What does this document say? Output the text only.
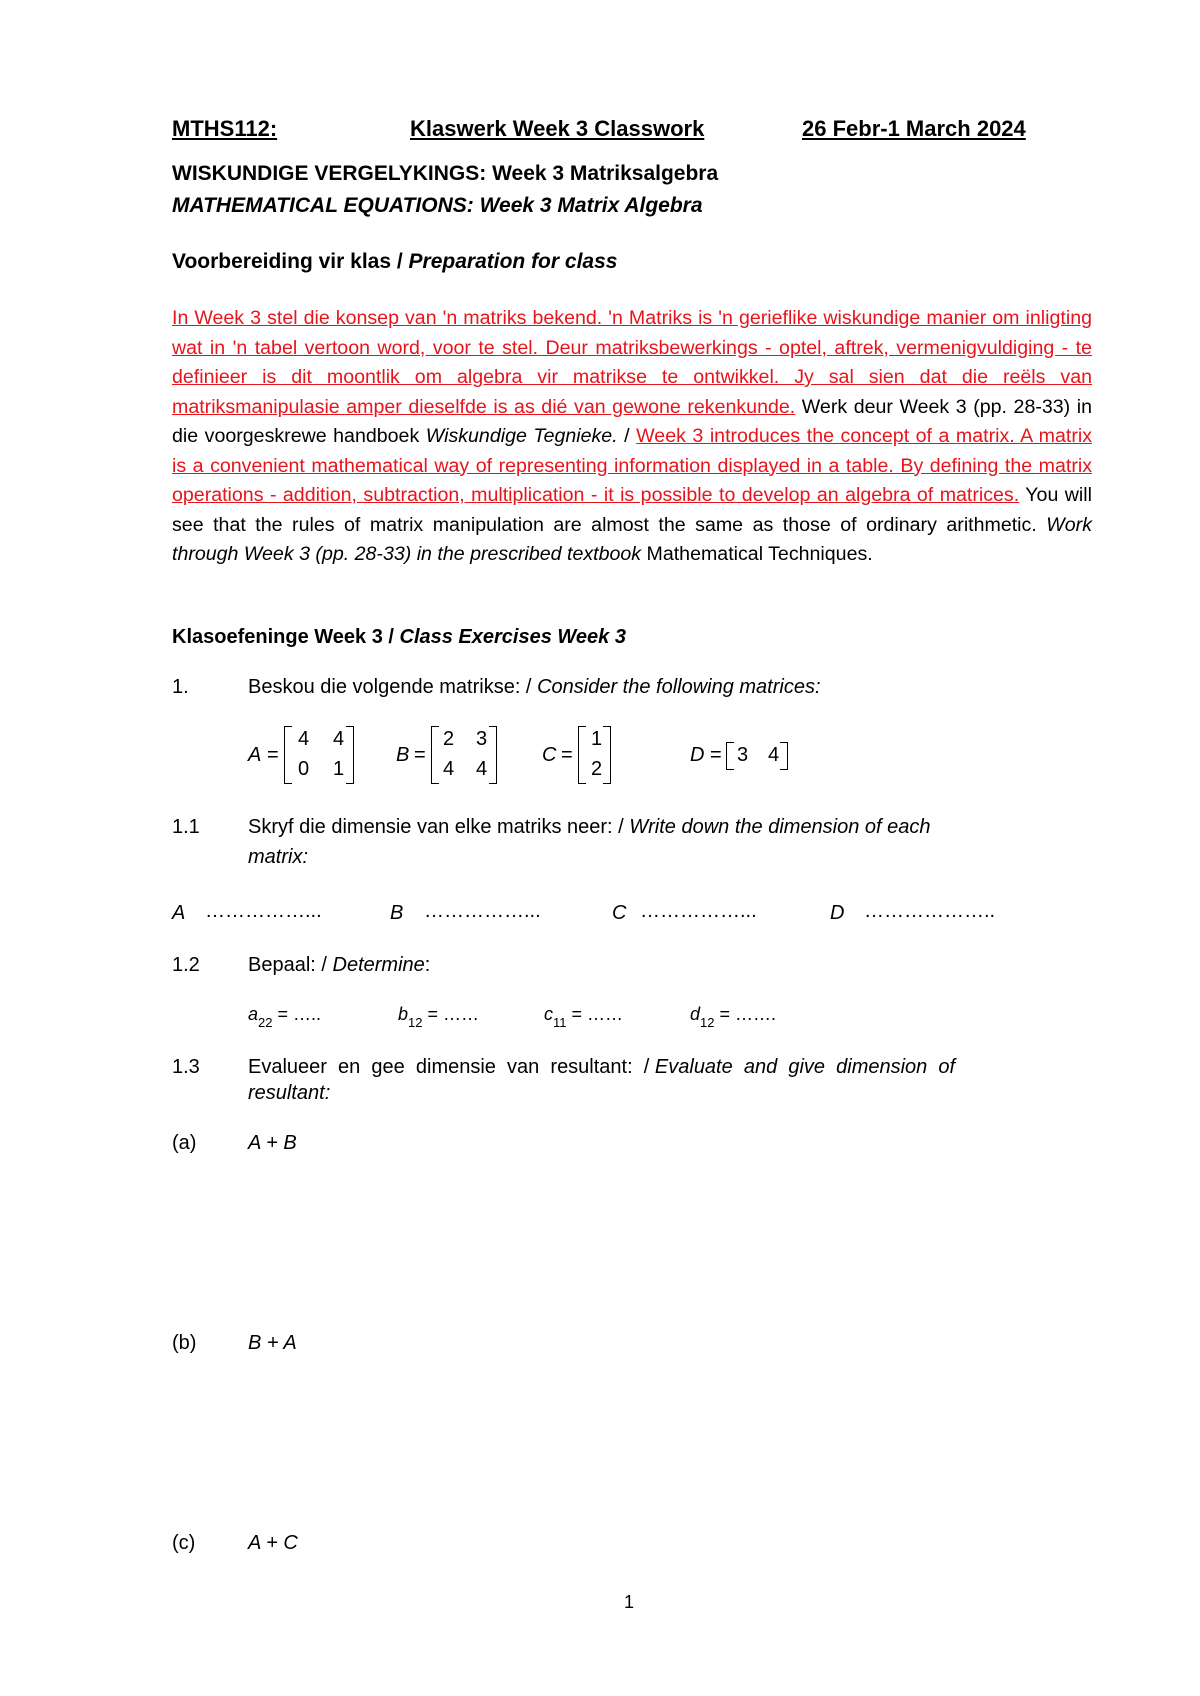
MTHS112:	Klaswerk Week 3 Classwork	26 Febr-1 March 2024
WISKUNDIGE VERGELYKINGS: Week 3 Matriksalgebra
MATHEMATICAL EQUATIONS: Week 3 Matrix Algebra
Voorbereiding vir klas / Preparation for class
In Week 3 stel die konsep van 'n matriks bekend. 'n Matriks is 'n gerieflike wiskundige manier om inligting wat in 'n tabel vertoon word, voor te stel. Deur matriksbewerkings - optel, aftrek, vermenigvuldiging - te definieer is dit moontlik om algebra vir matrikse te ontwikkel. Jy sal sien dat die reëls van matriksmanipulasie amper dieselfde is as dié van gewone rekenkunde. Werk deur Week 3 (pp. 28-33) in die voorgeskrewe handboek Wiskundige Tegnieke. / Week 3 introduces the concept of a matrix. A matrix is a convenient mathematical way of representing information displayed in a table. By defining the matrix operations - addition, subtraction, multiplication - it is possible to develop an algebra of matrices. You will see that the rules of matrix manipulation are almost the same as those of ordinary arithmetic. Work through Week 3 (pp. 28-33) in the prescribed textbook Mathematical Techniques.
Klasoefeninge Week 3 / Class Exercises Week 3
1.	Beskou die volgende matrikse: / Consider the following matrices:
A =
4 4
0 1
B =
2 3
4 4
C =
1
2
D = 3 4
1.1 Skryf die dimensie van elke matriks neer: / Write down the dimension of each
matrix:
A ……………...	B ……………...	C ……………...	D ………………..
1.2 Bepaal: / Determine:
$a_{22}$ = …..	$b_{12}$ = ……	$c_{11}$ = ……	$d_{12}$ = …….
1.3 Evalueer  en  gee  dimensie  van  resultant:  / Evaluate  and  give  dimension  of
resultant:
(a)	A + B
(b)	B + A
(c)	A + C
1
